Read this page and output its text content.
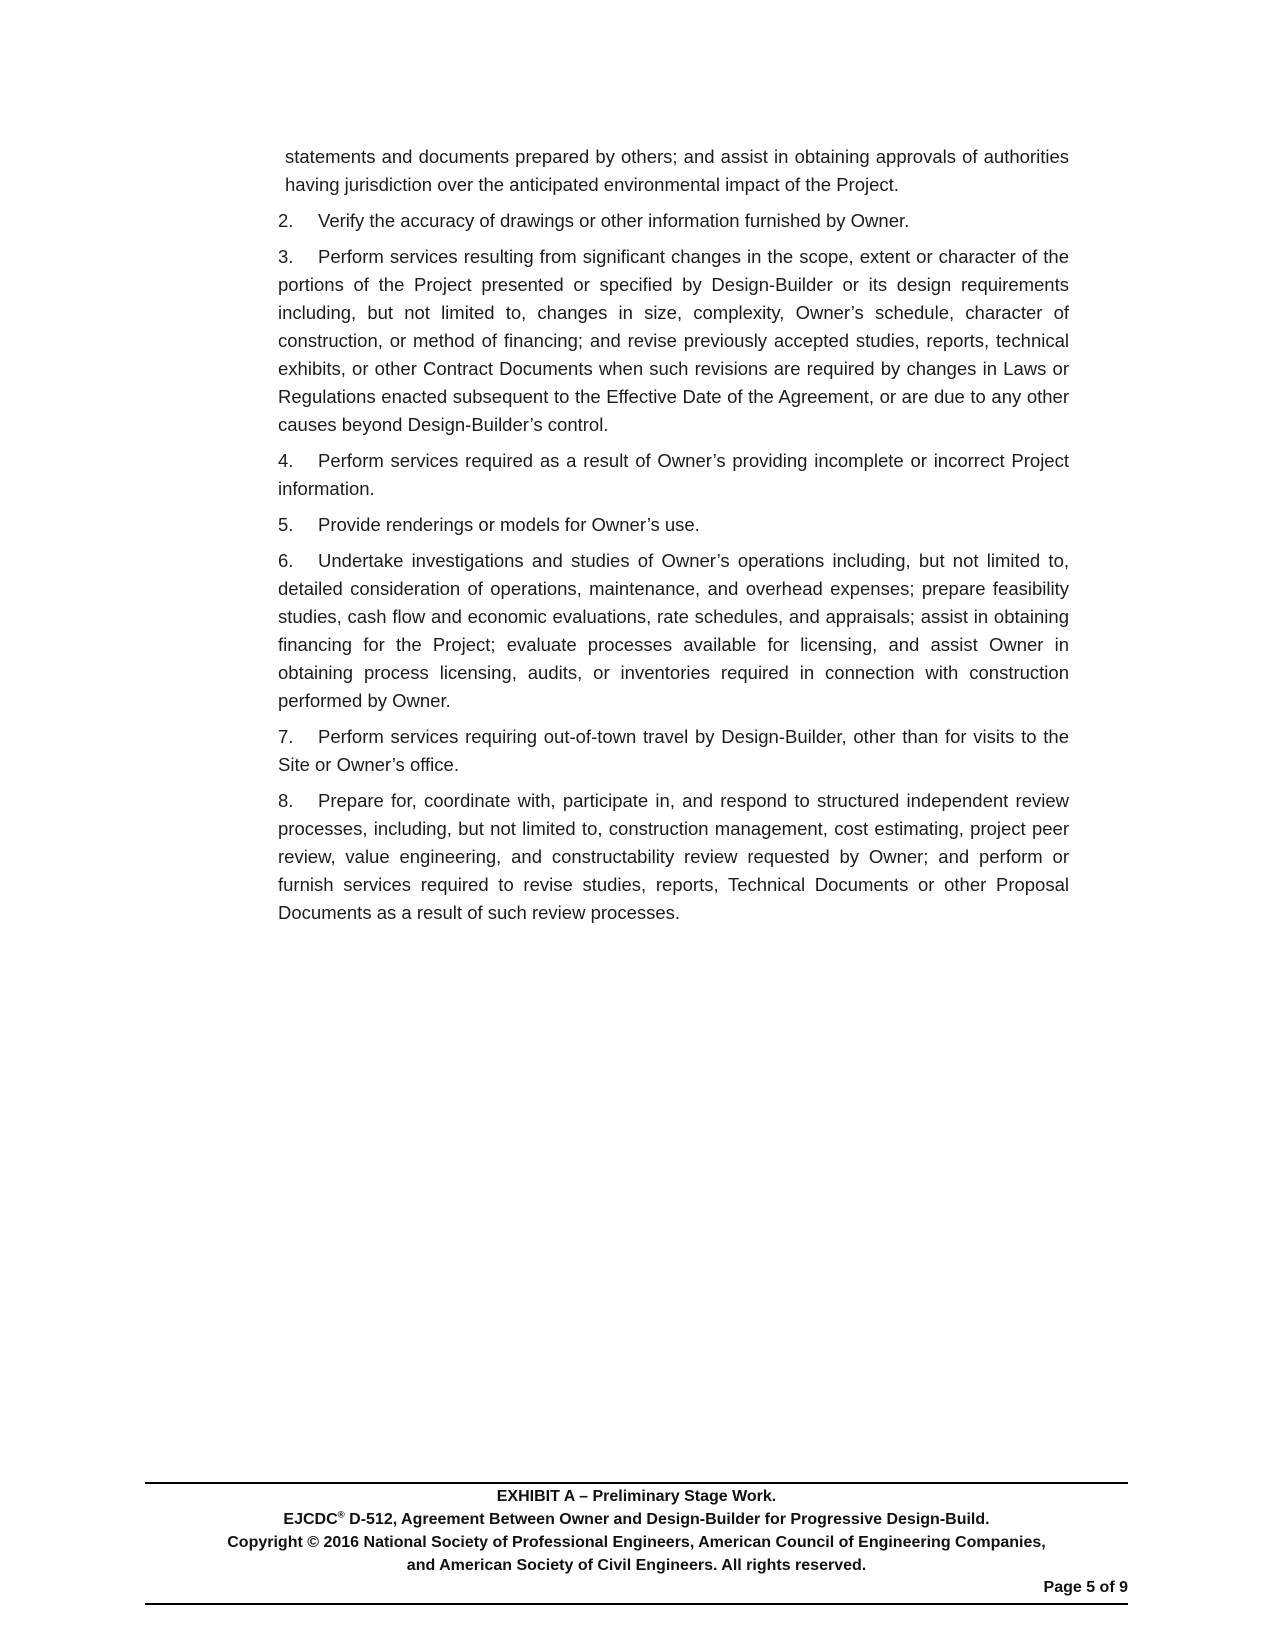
statements and documents prepared by others; and assist in obtaining approvals of authorities having jurisdiction over the anticipated environmental impact of the Project.

2. Verify the accuracy of drawings or other information furnished by Owner.

3. Perform services resulting from significant changes in the scope, extent or character of the portions of the Project presented or specified by Design-Builder or its design requirements including, but not limited to, changes in size, complexity, Owner’s schedule, character of construction, or method of financing; and revise previously accepted studies, reports, technical exhibits, or other Contract Documents when such revisions are required by changes in Laws or Regulations enacted subsequent to the Effective Date of the Agreement, or are due to any other causes beyond Design-Builder’s control.

4. Perform services required as a result of Owner’s providing incomplete or incorrect Project information.

5. Provide renderings or models for Owner’s use.

6. Undertake investigations and studies of Owner’s operations including, but not limited to, detailed consideration of operations, maintenance, and overhead expenses; prepare feasibility studies, cash flow and economic evaluations, rate schedules, and appraisals; assist in obtaining financing for the Project; evaluate processes available for licensing, and assist Owner in obtaining process licensing, audits, or inventories required in connection with construction performed by Owner.

7. Perform services requiring out-of-town travel by Design-Builder, other than for visits to the Site or Owner’s office.

8. Prepare for, coordinate with, participate in, and respond to structured independent review processes, including, but not limited to, construction management, cost estimating, project peer review, value engineering, and constructability review requested by Owner; and perform or furnish services required to revise studies, reports, Technical Documents or other Proposal Documents as a result of such review processes.

EXHIBIT A – Preliminary Stage Work.
EJCDC® D-512, Agreement Between Owner and Design-Builder for Progressive Design-Build.
Copyright © 2016 National Society of Professional Engineers, American Council of Engineering Companies,
and American Society of Civil Engineers. All rights reserved.
Page 5 of 9
